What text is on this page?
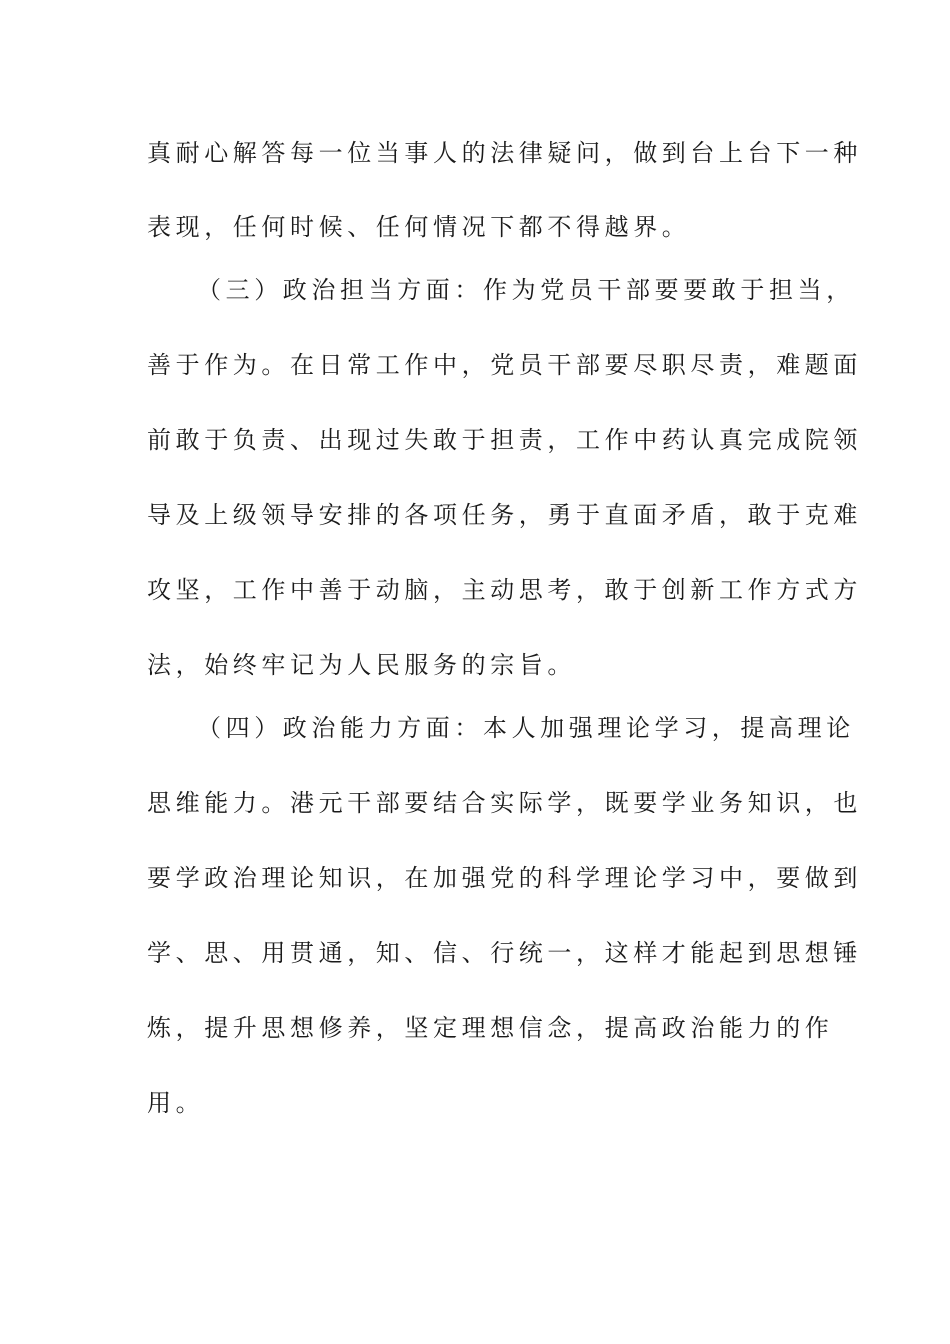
真耐心解答每一位当事人的法律疑问，做到台上台下一种
表现，任何时候、任何情况下都不得越界。
（三）政治担当方面：作为党员干部要要敢于担当，
善于作为。在日常工作中，党员干部要尽职尽责，难题面
前敢于负责、出现过失敢于担责，工作中药认真完成院领
导及上级领导安排的各项任务，勇于直面矛盾，敢于克难
攻坚，工作中善于动脑，主动思考，敢于创新工作方式方
法，始终牢记为人民服务的宗旨。
（四）政治能力方面：本人加强理论学习，提高理论
思维能力。港元干部要结合实际学，既要学业务知识，也
要学政治理论知识，在加强党的科学理论学习中，要做到
学、思、用贯通，知、信、行统一，这样才能起到思想锤
炼，提升思想修养，坚定理想信念，提高政治能力的作
用。
